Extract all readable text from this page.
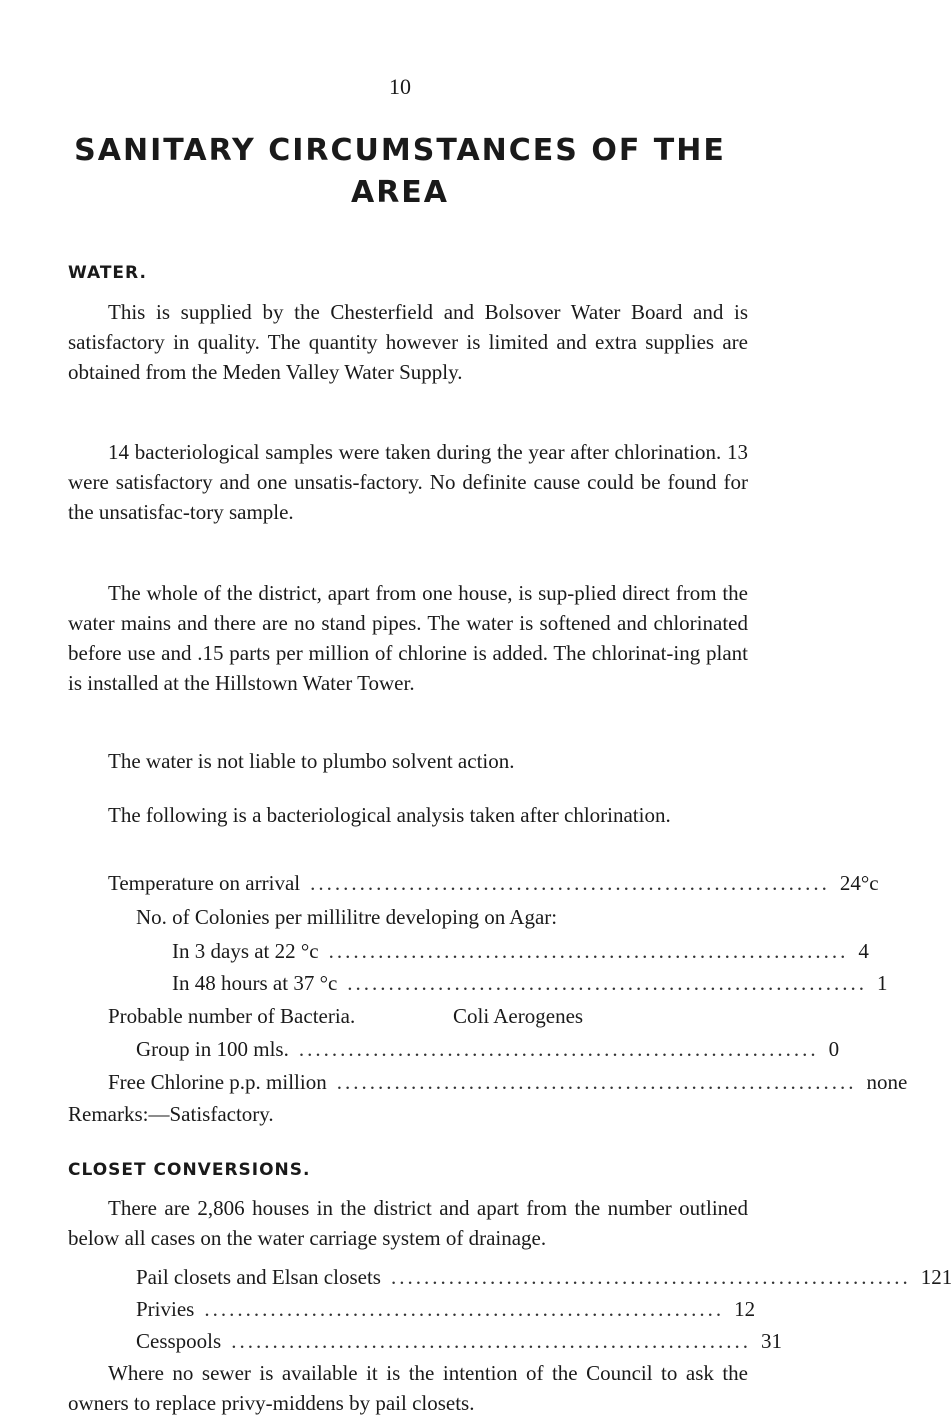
10
SANITARY CIRCUMSTANCES OF THE AREA
WATER.

This is supplied by the Chesterfield and Bolsover Water Board and is satisfactory in quality. The quantity however is limited and extra supplies are obtained from the Meden Valley Water Supply.

14 bacteriological samples were taken during the year after chlorination. 13 were satisfactory and one unsatis-factory. No definite cause could be found for the unsatisfac-tory sample.

The whole of the district, apart from one house, is sup-plied direct from the water mains and there are no stand pipes. The water is softened and chlorinated before use and .15 parts per million of chlorine is added. The chlorinat-ing plant is installed at the Hillstown Water Tower.

The water is not liable to plumbo solvent action.

The following is a bacteriological analysis taken after chlorination.

Temperature on arrival ............................................................... 24°c
No. of Colonies per millilitre developing on Agar:
In 3 days at 22 °c ............................................................... 4
In 48 hours at 37 °c ............................................................... 1
Probable number of Bacteria.	Coli Aerogenes
Group in 100 mls. ............................................................... 0
Free Chlorine p.p. million ............................................................... none
Remarks:—Satisfactory.
CLOSET CONVERSIONS.

There are 2,806 houses in the district and apart from the number outlined below all cases on the water carriage system of drainage.

Pail closets and Elsan closets ............................................................... 121
Privies ............................................................... 12
Cesspools ............................................................... 31

Where no sewer is available it is the intention of the Council to ask the owners to replace privy-middens by pail closets.
